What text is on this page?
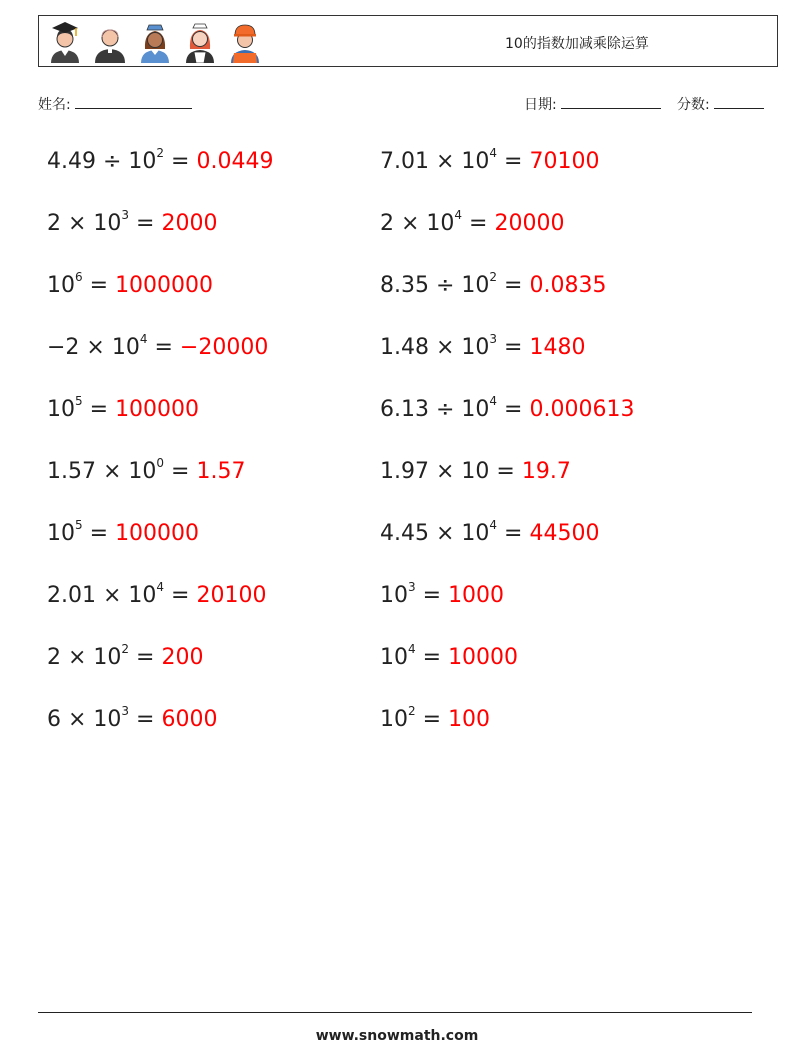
10的指数加减乘除运算
姓名:	日期:	分数:
$4.49 \div 10^2 = 0.0449$
$2 \times 10^3 = 2000$
$10^6 = 1000000$
$-2 \times 10^4 = -20000$
$10^5 = 100000$
$1.57 \times 10^0 = 1.57$
$10^5 = 100000$
$2.01 \times 10^4 = 20100$
$2 \times 10^2 = 200$
$6 \times 10^3 = 6000$
$7.01 \times 10^4 = 70100$
$2 \times 10^4 = 20000$
$8.35 \div 10^2 = 0.0835$
$1.48 \times 10^3 = 1480$
$6.13 \div 10^4 = 0.000613$
1.97 × 10 = 19.7
$4.45 \times 10^4 = 44500$
$10^3 = 1000$
$10^4 = 10000$
$10^2 = 100$
www.snowmath.com
